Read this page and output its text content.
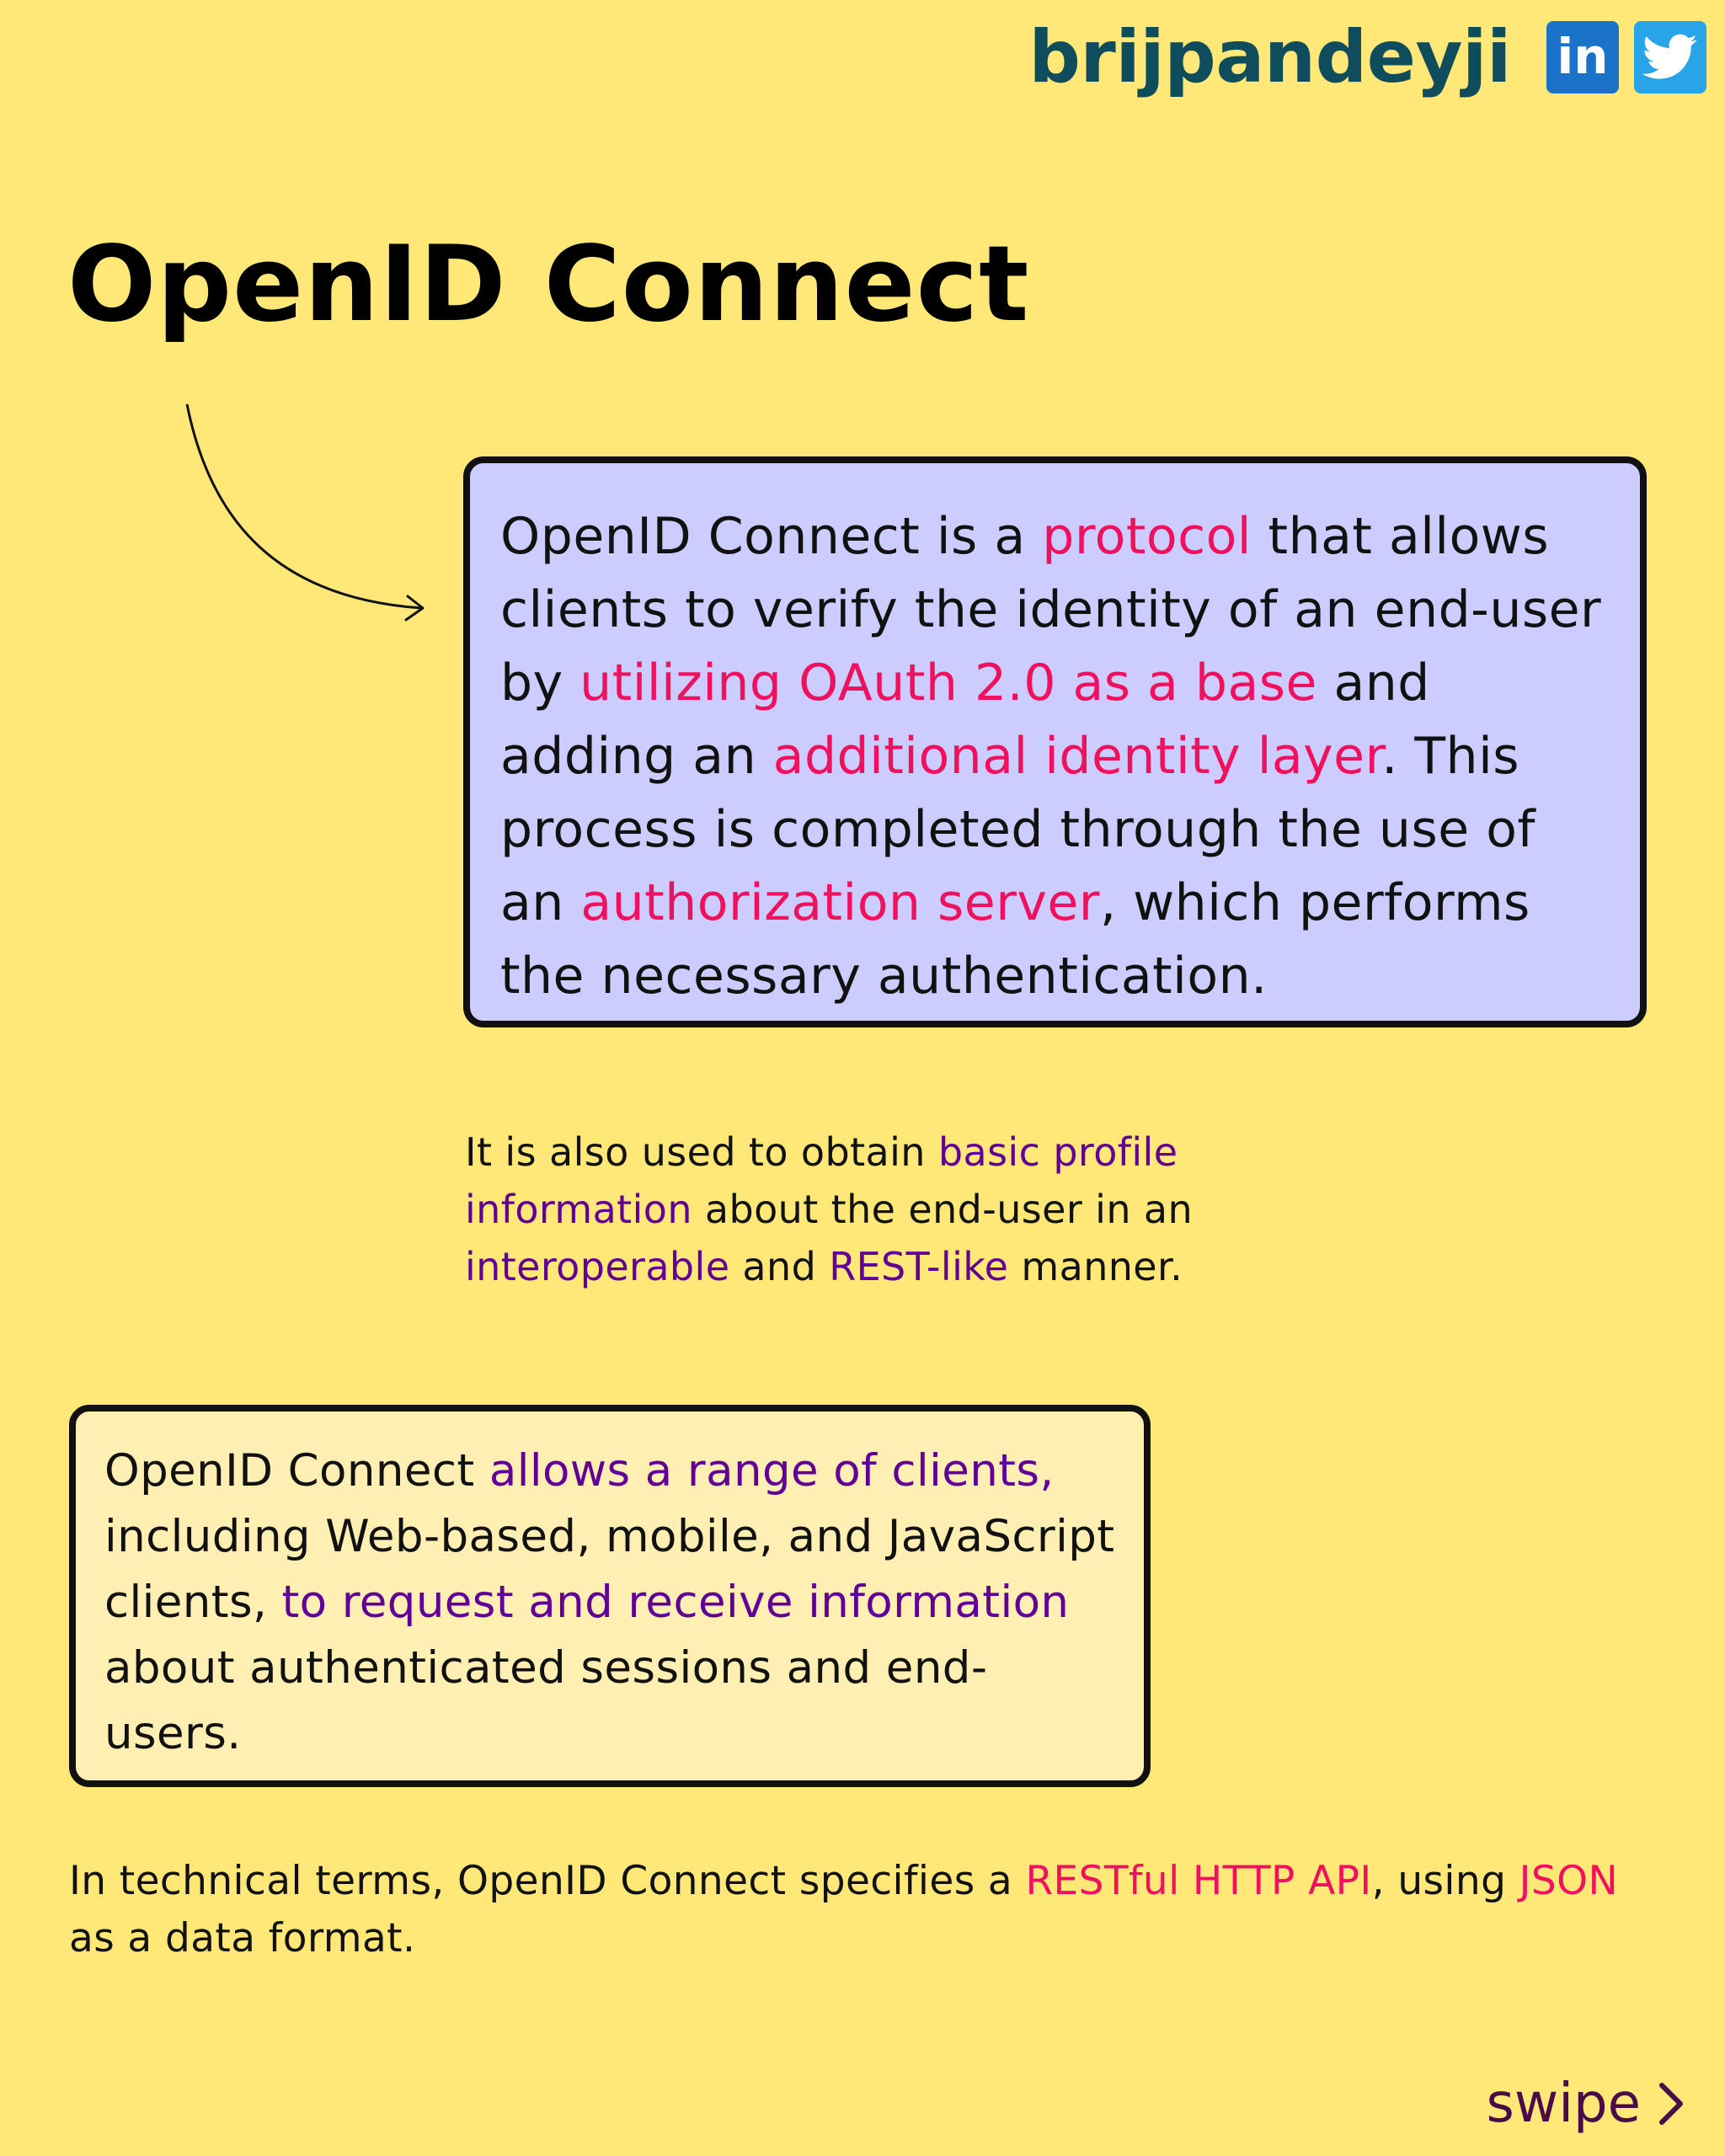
brijpandeyji in
OpenID Connect

OpenID Connect is a protocol that allows clients to verify the identity of an end-user by utilizing OAuth 2.0 as a base and adding an additional identity layer. This process is completed through the use of an authorization server, which performs the necessary authentication.

It is also used to obtain basic profile information about the end-user in an interoperable and REST-like manner.

OpenID Connect allows a range of clients, including Web-based, mobile, and JavaScript clients, to request and receive information about authenticated sessions and end-users.

In technical terms, OpenID Connect specifies a RESTful HTTP API, using JSON as a data format.

swipe
